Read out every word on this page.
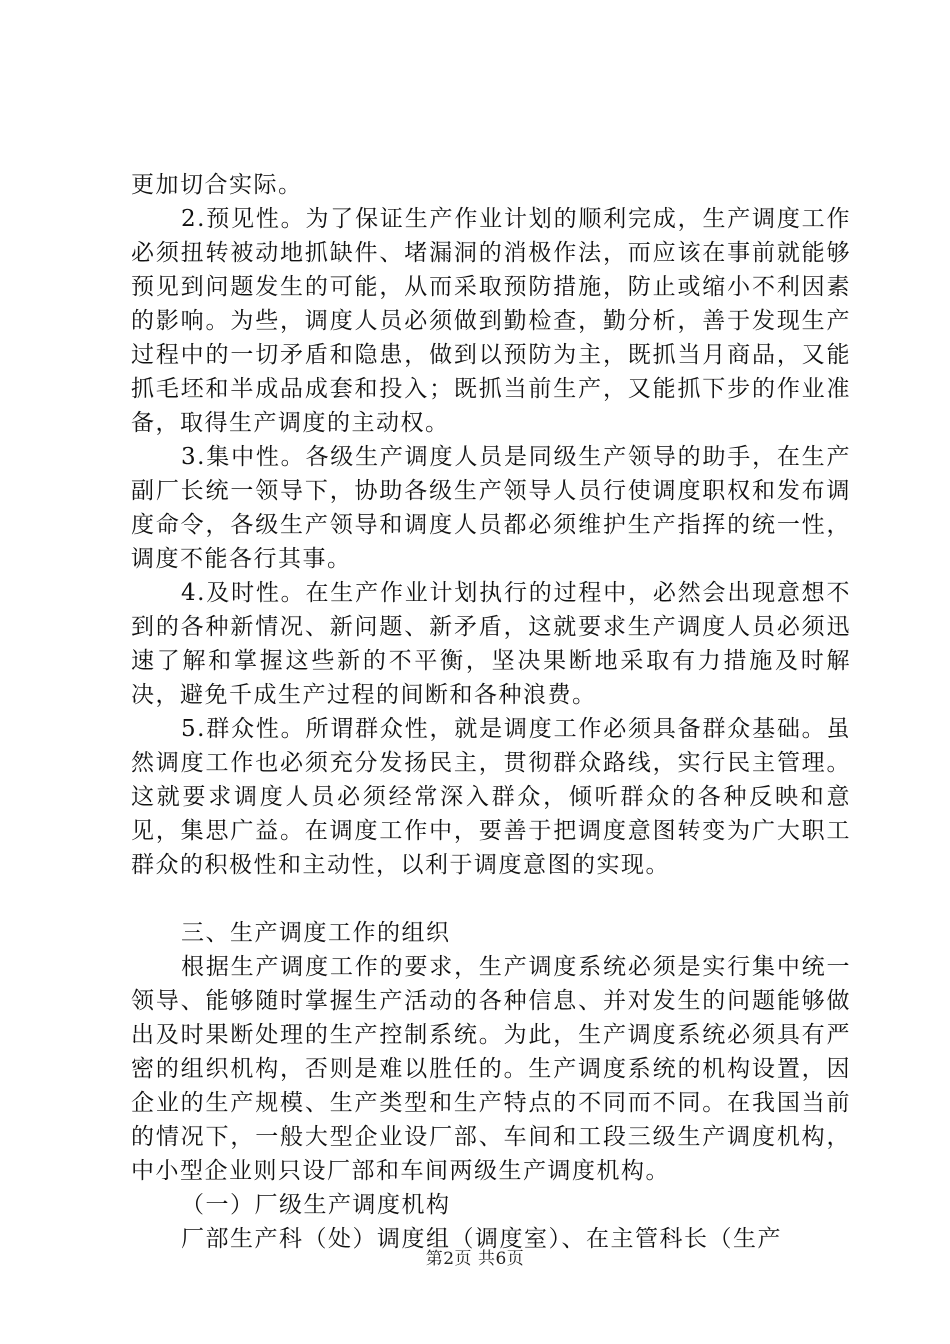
更加切合实际。

2.预见性。为了保证生产作业计划的顺利完成，生产调度工作必须扭转被动地抓缺件、堵漏洞的消极作法，而应该在事前就能够预见到问题发生的可能，从而采取预防措施，防止或缩小不利因素的影响。为些，调度人员必须做到勤检查，勤分析，善于发现生产过程中的一切矛盾和隐患，做到以预防为主，既抓当月商品，又能抓毛坯和半成品成套和投入；既抓当前生产，又能抓下步的作业准备，取得生产调度的主动权。

3.集中性。各级生产调度人员是同级生产领导的助手，在生产副厂长统一领导下，协助各级生产领导人员行使调度职权和发布调度命令，各级生产领导和调度人员都必须维护生产指挥的统一性，调度不能各行其事。

4.及时性。在生产作业计划执行的过程中，必然会出现意想不到的各种新情况、新问题、新矛盾，这就要求生产调度人员必须迅速了解和掌握这些新的不平衡，坚决果断地采取有力措施及时解决，避免千成生产过程的间断和各种浪费。

5.群众性。所谓群众性，就是调度工作必须具备群众基础。虽然调度工作也必须充分发扬民主，贯彻群众路线，实行民主管理。这就要求调度人员必须经常深入群众，倾听群众的各种反映和意见，集思广益。在调度工作中，要善于把调度意图转变为广大职工群众的积极性和主动性，以利于调度意图的实现。

三、生产调度工作的组织

根据生产调度工作的要求，生产调度系统必须是实行集中统一领导、能够随时掌握生产活动的各种信息、并对发生的问题能够做出及时果断处理的生产控制系统。为此，生产调度系统必须具有严密的组织机构，否则是难以胜任的。生产调度系统的机构设置，因企业的生产规模、生产类型和生产特点的不同而不同。在我国当前的情况下，一般大型企业设厂部、车间和工段三级生产调度机构，中小型企业则只设厂部和车间两级生产调度机构。

（一）厂级生产调度机构

厂部生产科（处）调度组（调度室）、在主管科长（生产

第2页 共6页
